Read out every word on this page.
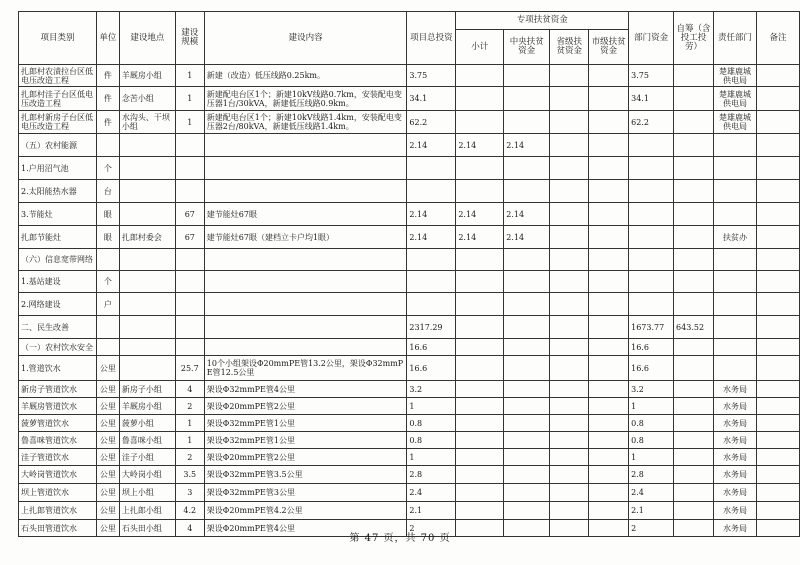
项目类别	单位	建设地点	建设规模	建设内容	项目总投资	专项扶贫资金				部门资金	自筹（含投工投劳）	责任部门	备注
						小计	中央扶贫资金	省级扶贫资金	市级扶贫资金				
扎郎村农渍拉台区低电压改造工程	件	羊厩房小组	1	新建（改造）低压线路0.25km。	3.75					3.75		楚雄鹿城供电局	
扎郎村洼子台区低电压改造工程	件	念苦小组	1	新建配电台区1个；新建10kV线路0.7km，安装配电变压器1台/30kVA，新建低压线路0.9km。	34.1					34.1		楚雄鹿城供电局	
扎郎村新房子台区低电压改造工程	件	水沟头、干坝小组	1	新建配电台区1个；新建10kV线路1.4km，安装配电变压器2台/80kVA，新建低压线路1.4km。	62.2					62.2		楚雄鹿城供电局	
（五）农村能源					2.14	2.14	2.14						
1.户用沼气池	个												
2.太阳能热水器	台												
3.节能灶	眼		67	建节能灶67眼	2.14	2.14	2.14						
扎郎节能灶	眼	扎郎村委会	67	建节能灶67眼（建档立卡户均1眼）	2.14	2.14	2.14					扶贫办	
（六）信息宽带网络													
1.基站建设	个												
2.网络建设	户												
二、民生改善					2317.29					1673.77	643.52		
（一）农村饮水安全					16.6					16.6			
1.管道饮水	公里		25.7	10个小组架设Φ20mmPE管13.2公里，架设Φ32mmPE管12.5公里	16.6					16.6			
新房子管道饮水	公里	新房子小组	4	架设Φ32mmPE管4公里	3.2					3.2		水务局	
羊厩房管道饮水	公里	羊厩房小组	2	架设Φ20mmPE管2公里	1					1		水务局	
菠萝管道饮水	公里	菠萝小组	1	架设Φ32mmPE管1公里	0.8					0.8		水务局	
鲁喜咪管道饮水	公里	鲁喜咪小组	1	架设Φ32mmPE管1公里	0.8					0.8		水务局	
洼子管道饮水	公里	洼子小组	2	架设Φ20mmPE管2公里	1					1		水务局	
大岭岗管道饮水	公里	大岭岗小组	3.5	架设Φ32mmPE管3.5公里	2.8					2.8		水务局	
坝上管道饮水	公里	坝上小组	3	架设Φ32mmPE管3公里	2.4					2.4		水务局	
上扎郎管道饮水	公里	上扎郎小组	4.2	架设Φ20mmPE管4.2公里	2.1					2.1		水务局	
石头田管道饮水	公里	石头田小组	4	架设Φ20mmPE管4公里	2					2		水务局	
第 47 页，共 70 页
